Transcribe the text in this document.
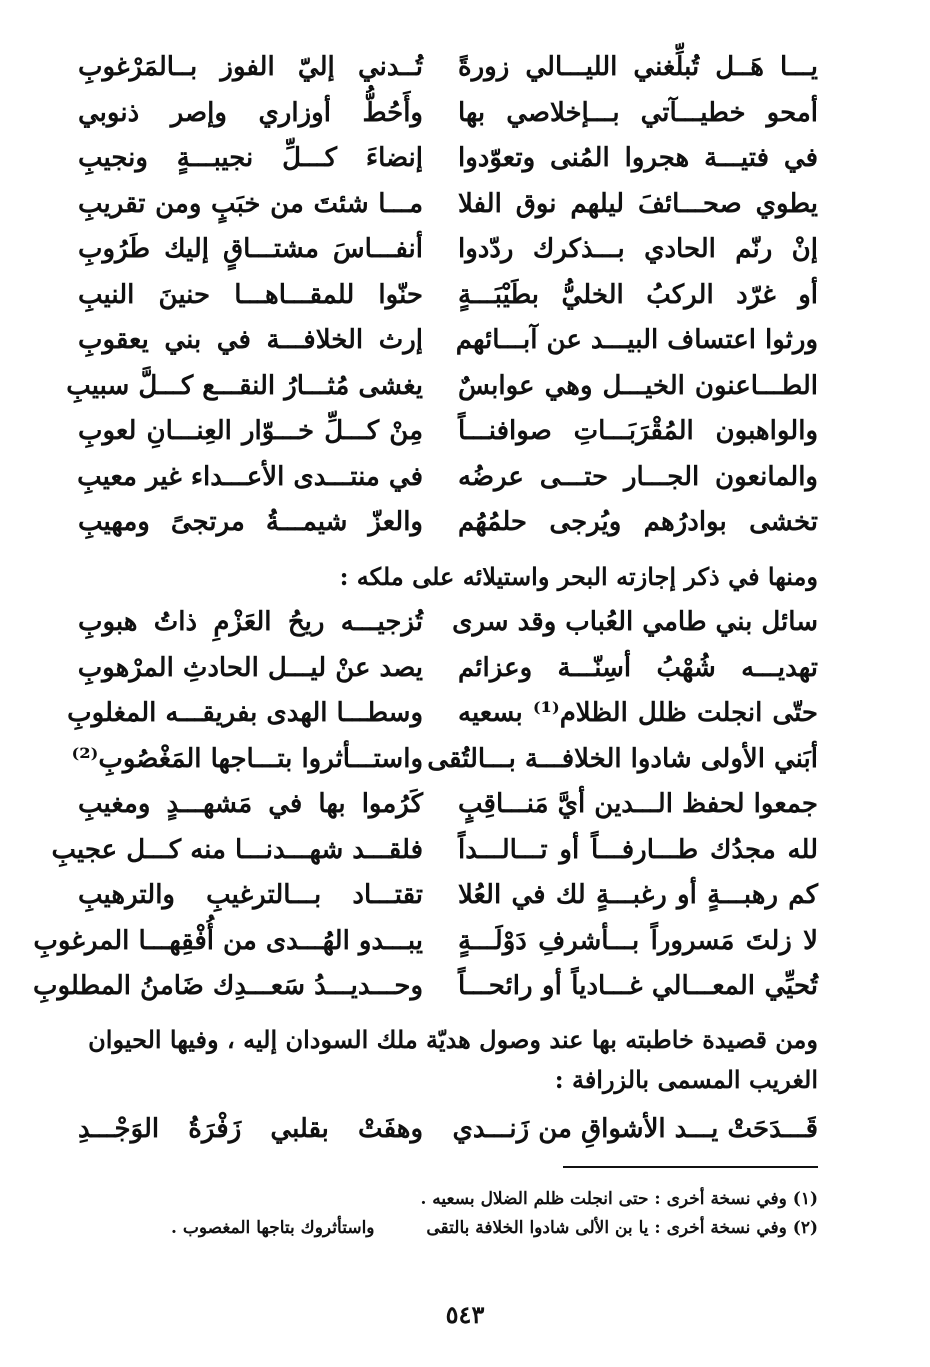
يـــا هَــل تُبلِّغني الليـــالي زورةً
تُــدني إليّ الفوز بــالمَرْغوبِ
أمحو خطيـــآتي بـــإخلاصي بها
وأَحُطُّ أوزاري وإصر ذنوبي
في فتيـــة هجروا المُنى وتعوّدوا
إنضاءَ كـــلِّ نجيبـــةٍ ونجيبِ
يطوي صحـــائفَ ليلهم نوق الفلا
مـــا شئتَ من خبَبٍ ومن تقريبِ
إنْ رنّم الحادي بـــذكرك ردّدوا
أنفـــاسَ مشتـــاقٍ إليك طَرُوبِ
أو غرّد الركبُ الخليُّ بطَيْبَـــةٍ
حنّوا للمقـــاهـــا حنينَ النيبِ
ورثوا اعتساف البيـــد عن آبـــائهم
إرث الخلافـــة في بني يعقوبِ
الطـــاعنون الخيـــل وهي عوابسٌ
يغشى مُثـــارُ النقـــع كـــلَّ سبيبِ
والواهبون المُقْرَبَـــاتِ صوافنـــاً
مِنْ كـــلِّ خـــوّار العِنـــانِ لعوبِ
والمانعون الجـــار حتـــى عرضُه
في منتـــدى الأعـــداء غير معيبِ
تخشى بوادرُهم ويُرجى حلمُهُم
والعزّ شيمـــةُ مرتجىً ومهيبِ
ومنها في ذكر إجازته البحر واستيلائه على ملكه :
سائل بني طامي العُباب وقد سرى
تُزجيـــه ريحُ العَزْمِ ذاتُ هبوبِ
تهديـــه شُهْبُ أسِنّـــة وعزائم
يصد عنْ ليـــل الحادثِ المرْهوبِ
حتّى انجلت ظلل الظلام⁽¹⁾ بسعيه
وسطـــا الهدى بفريقـــه المغلوبِ
أبَني الأولى شادوا الخلافـــة بـــالتُقى
واستـــأثروا بتـــاجها المَغْصُوبِ⁽²⁾
جمعوا لحفظ الـــدين أيَّ مَنـــاقِبٍ
كَرُموا بها في مَشهـــدٍ ومغيبِ
لله مجدُك طـــارفـــاً أو تـــالـــداً
فلقـــد شهـــدنـــا منه كـــل عجيبِ
كم رهبـــةٍ أو رغبـــةٍ لك في العُلا
تقتـــاد بـــالترغيبِ والترهيبِ
لا زلتَ مَسروراً بـــأشرفِ دَوْلَـــةٍ
يبـــدو الهُـــدى من أُفْقِهـــا المرغوبِ
تُحيِّي المعـــالي غـــادياً أو رائحـــاً
وحـــديـــدُ سَعـــدِك ضَامنُ المطلوبِ
ومن قصيدة خاطبته بها عند وصول هديّة ملك السودان إليه ، وفيها الحيوان الغريب المسمى بالزرافة :
قَـــدَحَتْ يـــد الأشواقِ من زَنـــدي
وهفَتْ بقلبي زَفْرَةُ الوَجْـــدِ
(١) وفي نسخة أخرى : حتى انجلت ظلم الضلال بسعيه .
(٢) وفي نسخة أخرى : يا بن الألى شادوا الخلافة بالتقى  واستأثروك بتاجها المغصوب .
٥٤٣
